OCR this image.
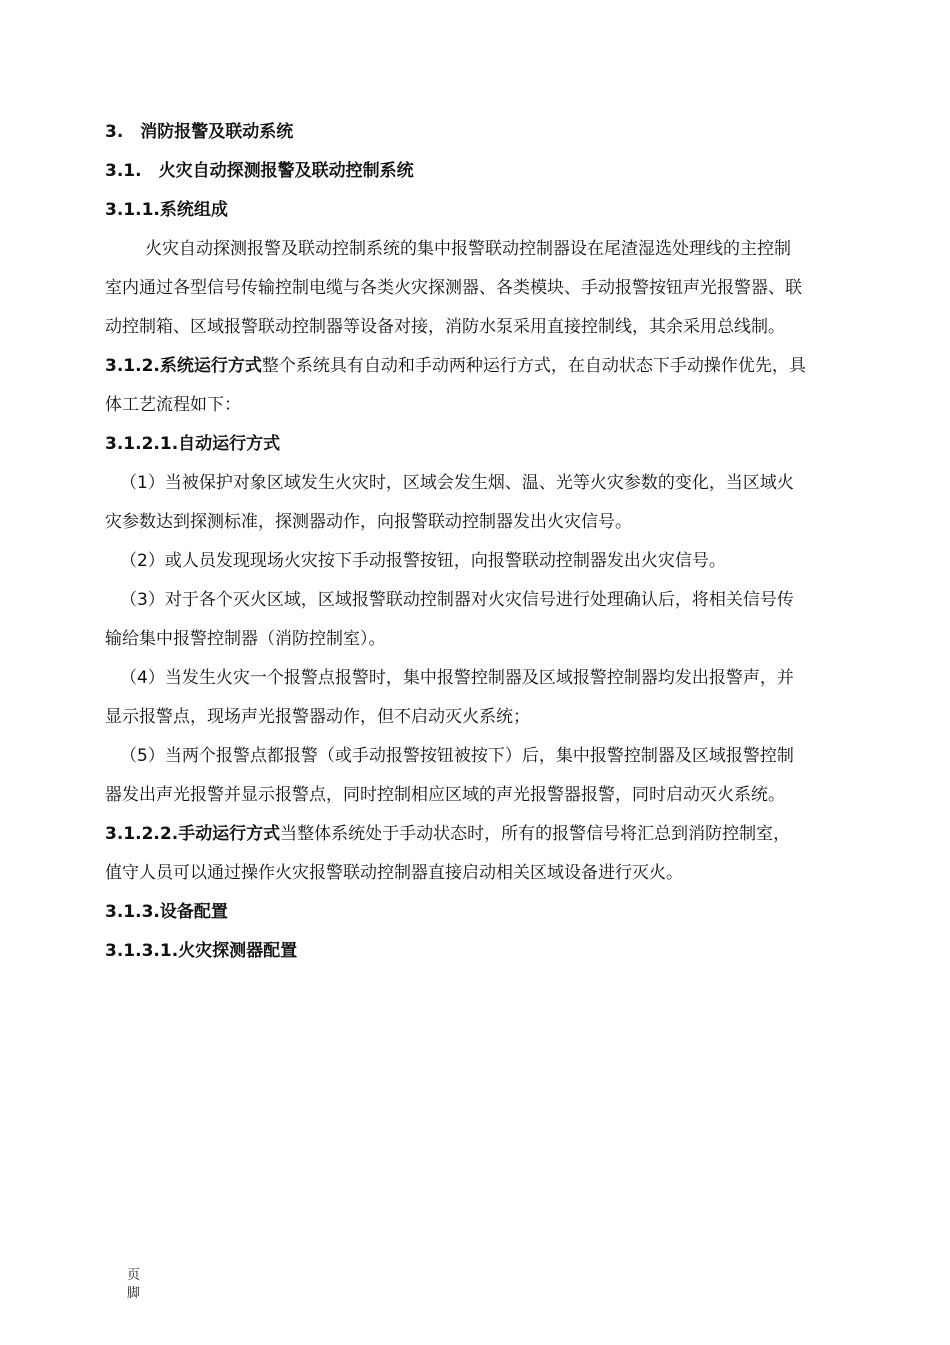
3.　消防报警及联动系统
3.1.　火灾自动探测报警及联动控制系统
3.1.1.系统组成
火灾自动探测报警及联动控制系统的集中报警联动控制器设在尾渣湿选处理线的主控制
室内通过各型信号传输控制电缆与各类火灾探测器、各类模块、手动报警按钮声光报警器、联
动控制箱、区域报警联动控制器等设备对接，消防水泵采用直接控制线，其余采用总线制。
3.1.2.系统运行方式整个系统具有自动和手动两种运行方式，在自动状态下手动操作优先，具
体工艺流程如下：
3.1.2.1.自动运行方式
（1）当被保护对象区域发生火灾时，区域会发生烟、温、光等火灾参数的变化，当区域火
灾参数达到探测标准，探测器动作，向报警联动控制器发出火灾信号。
（2）或人员发现现场火灾按下手动报警按钮，向报警联动控制器发出火灾信号。
（3）对于各个灭火区域，区域报警联动控制器对火灾信号进行处理确认后，将相关信号传
输给集中报警控制器（消防控制室）。
（4）当发生火灾一个报警点报警时，集中报警控制器及区域报警控制器均发出报警声，并
显示报警点，现场声光报警器动作，但不启动灭火系统；
（5）当两个报警点都报警（或手动报警按钮被按下）后，集中报警控制器及区域报警控制
器发出声光报警并显示报警点，同时控制相应区域的声光报警器报警，同时启动灭火系统。
3.1.2.2.手动运行方式当整体系统处于手动状态时，所有的报警信号将汇总到消防控制室，
值守人员可以通过操作火灾报警联动控制器直接启动相关区域设备进行灭火。
3.1.3.设备配置
3.1.3.1.火灾探测器配置
页
脚
